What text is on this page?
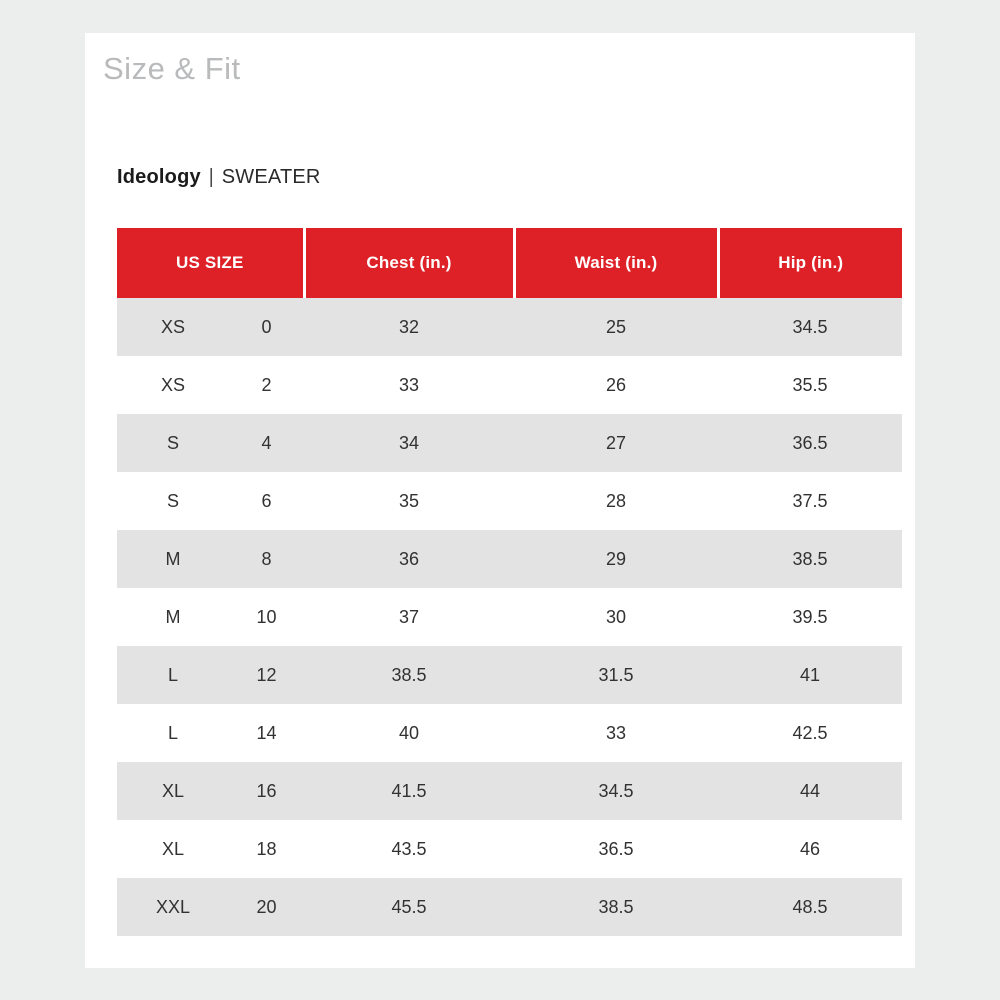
Size & Fit
Ideology | SWEATER
US SIZE		Chest (in.)	Waist (in.)	Hip (in.)
XS	0	32	25	34.5
XS	2	33	26	35.5
S	4	34	27	36.5
S	6	35	28	37.5
M	8	36	29	38.5
M	10	37	30	39.5
L	12	38.5	31.5	41
L	14	40	33	42.5
XL	16	41.5	34.5	44
XL	18	43.5	36.5	46
XXL	20	45.5	38.5	48.5
